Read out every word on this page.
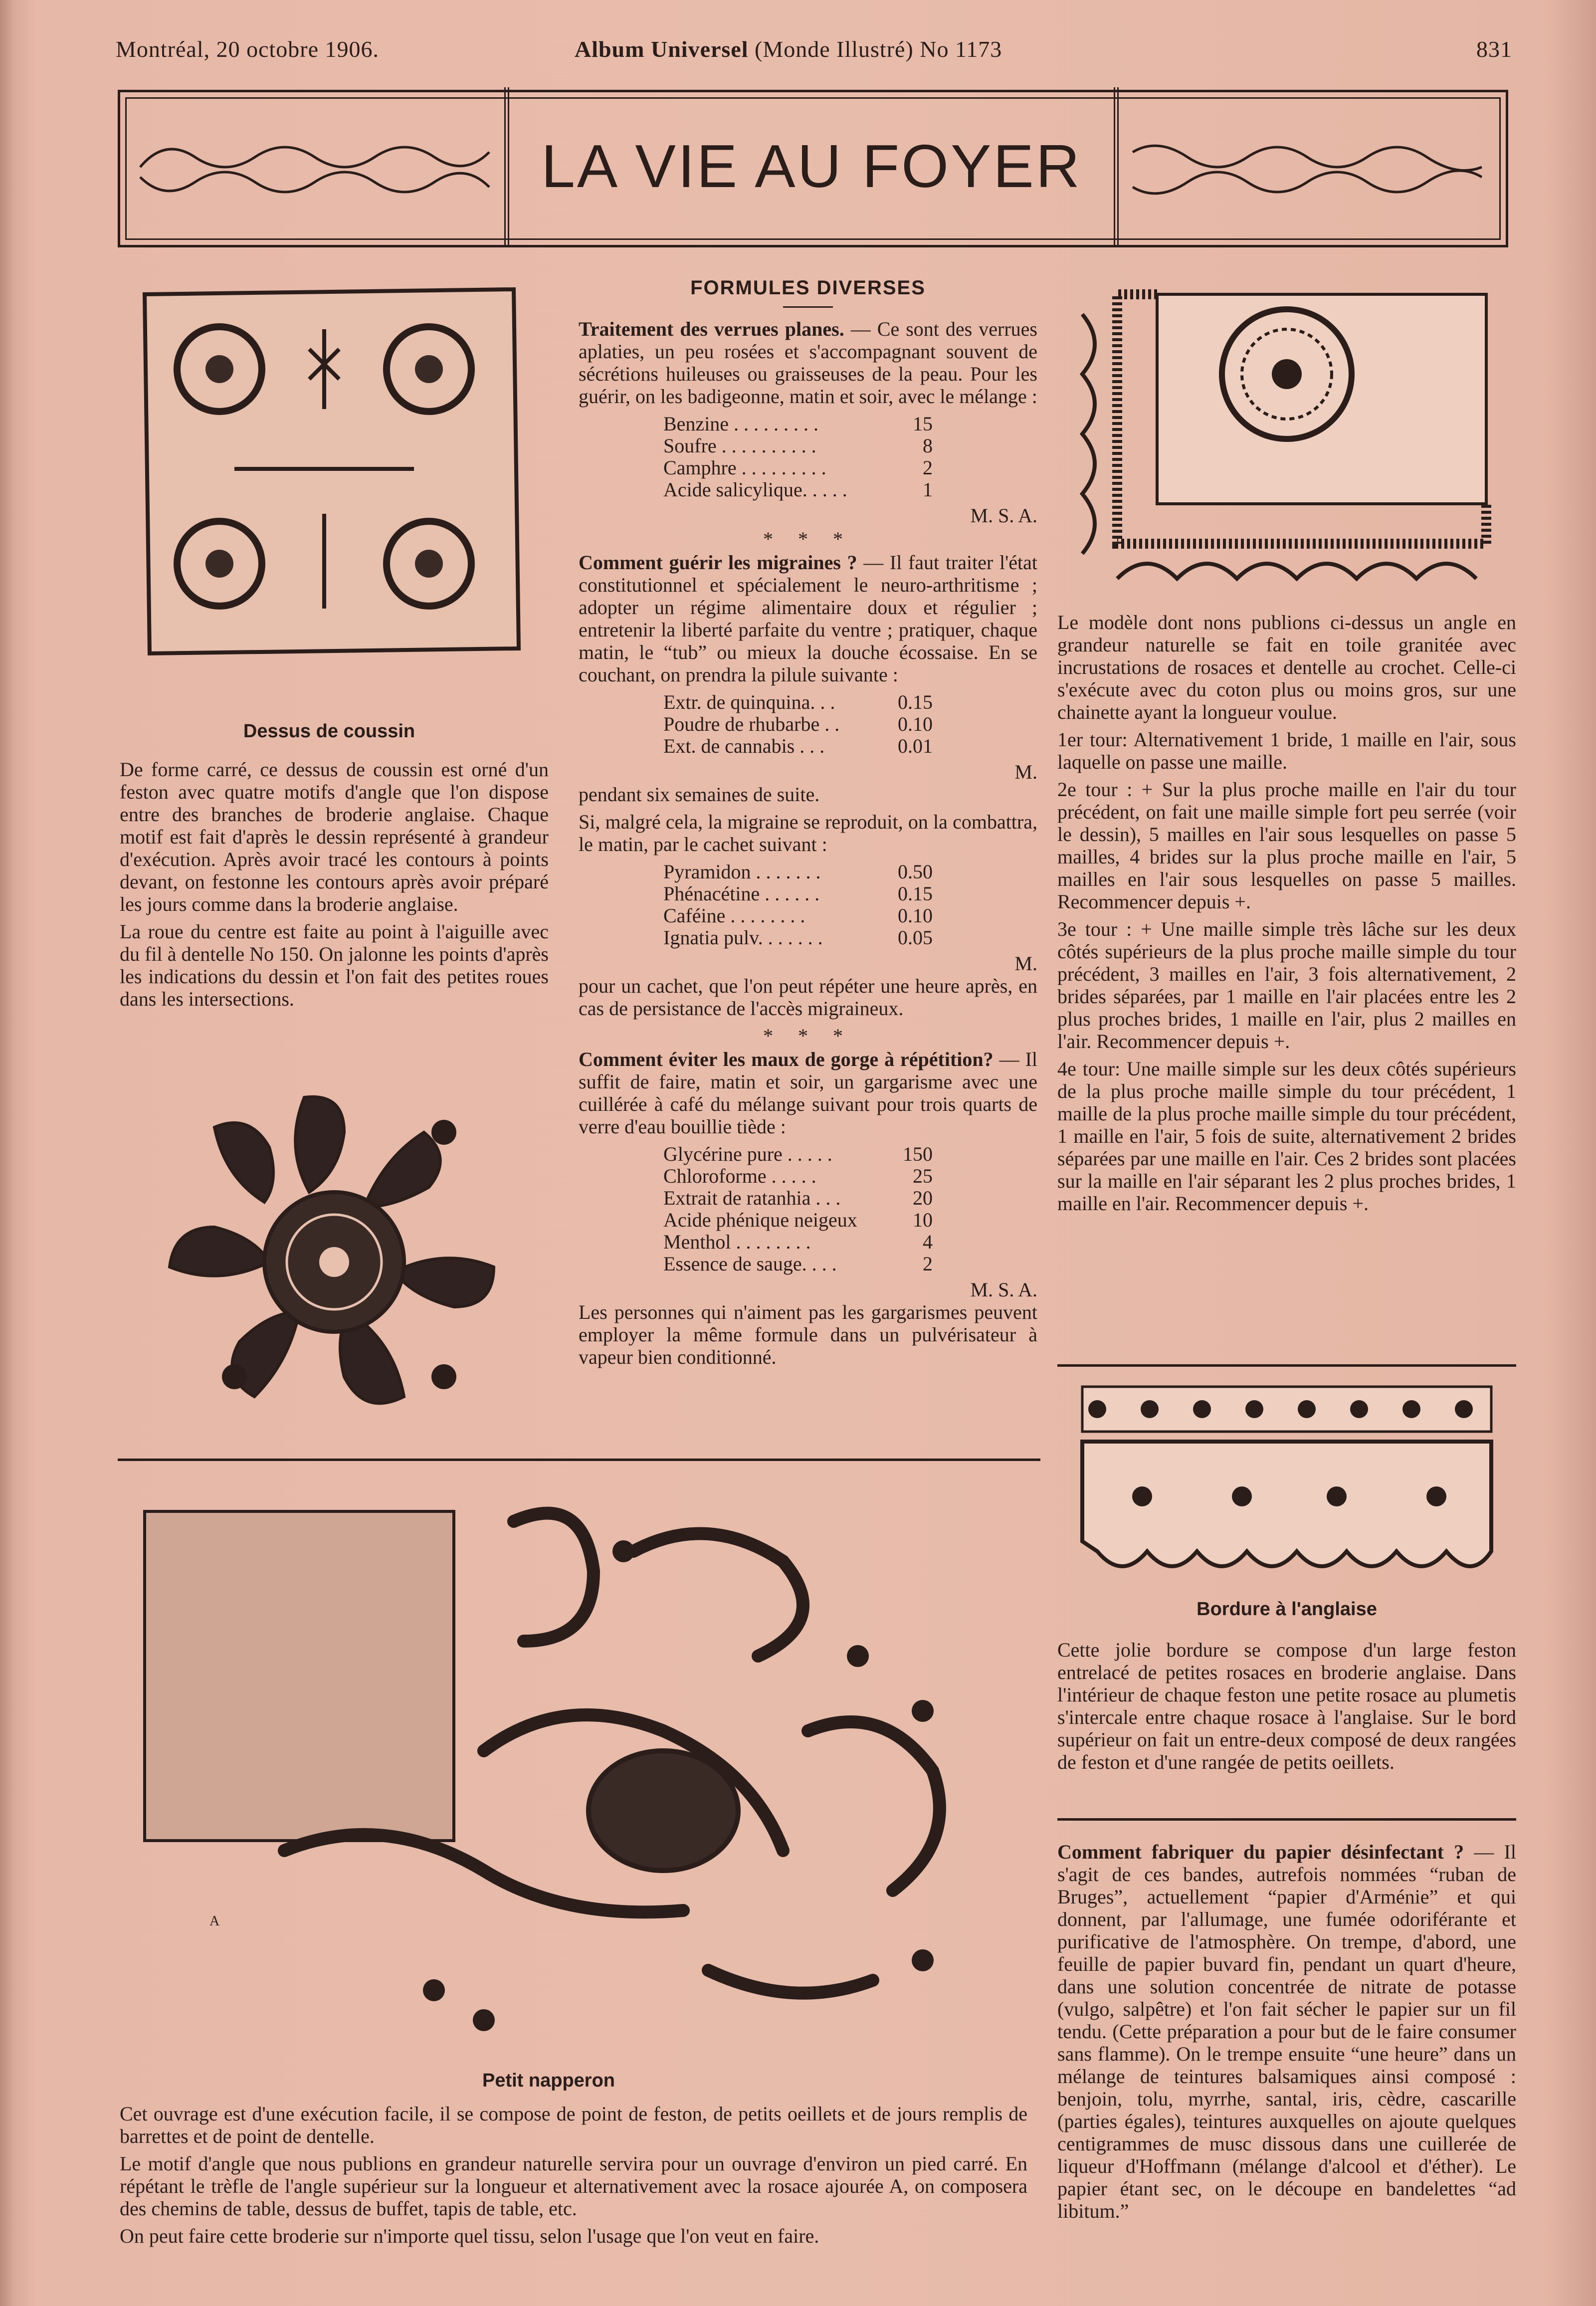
Montréal, 20 octobre 1906.	Album Universel (Monde Illustré) No 1173	831
LA VIE AU FOYER
Dessus de coussin

De forme carré, ce dessus de coussin est orné d'un feston avec quatre motifs d'angle que l'on dispose entre des branches de broderie anglaise. Chaque motif est fait d'après le dessin représenté à grandeur d'exécution. Après avoir tracé les contours à points devant, on festonne les contours après avoir préparé les jours comme dans la broderie anglaise.

La roue du centre est faite au point à l'aiguille avec du fil à dentelle No 150. On jalonne les points d'après les indications du dessin et l'on fait des petites roues dans les intersections.

A
Petit napperon

Cet ouvrage est d'une exécution facile, il se compose de point de feston, de petits oeillets et de jours remplis de barrettes et de point de dentelle.

Le motif d'angle que nous publions en grandeur naturelle servira pour un ouvrage d'environ un pied carré. En répétant le trèfle de l'angle supérieur sur la longueur et alternativement avec la rosace ajourée A, on composera des chemins de table, dessus de buffet, tapis de table, etc.

On peut faire cette broderie sur n'importe quel tissu, selon l'usage que l'on veut en faire.

FORMULES DIVERSES

Traitement des verrues planes. — Ce sont des verrues aplaties, un peu rosées et s'accompagnant souvent de sécrétions huileuses ou graisseuses de la peau. Pour les guérir, on les badigeonne, matin et soir, avec le mélange :

Benzine . . . . . . . . .	15
Soufre . . . . . . . . . .	8
Camphre . . . . . . . . .	2
Acide salicylique. . . . .	1
M. S. A.
* * *

Comment guérir les migraines ? — Il faut traiter l'état constitutionnel et spécialement le neuro-arthritisme ; adopter un régime alimentaire doux et régulier ; entretenir la liberté parfaite du ventre ; pratiquer, chaque matin, le “tub” ou mieux la douche écossaise. En se couchant, on prendra la pilule suivante :

Extr. de quinquina. . .	0.15
Poudre de rhubarbe . .	0.10
Ext. de cannabis . . .	0.01
M.

pendant six semaines de suite.

Si, malgré cela, la migraine se reproduit, on la combattra, le matin, par le cachet suivant :

Pyramidon . . . . . . .	0.50
Phénacétine . . . . . .	0.15
Caféine . . . . . . . .	0.10
Ignatia pulv. . . . . . .	0.05
M.

pour un cachet, que l'on peut répéter une heure après, en cas de persistance de l'accès migraineux.

* * *

Comment éviter les maux de gorge à répétition? — Il suffit de faire, matin et soir, un gargarisme avec une cuillérée à café du mélange suivant pour trois quarts de verre d'eau bouillie tiède :

Glycérine pure . . . . .	150
Chloroforme . . . . .	25
Extrait de ratanhia . . .	20
Acide phénique neigeux	10
Menthol . . . . . . . .	4
Essence de sauge. . . .	2
M. S. A.

Les personnes qui n'aiment pas les gargarismes peuvent employer la même formule dans un pulvérisateur à vapeur bien conditionné.

Le modèle dont nons publions ci-dessus un angle en grandeur naturelle se fait en toile granitée avec incrustations de rosaces et dentelle au crochet. Celle-ci s'exécute avec du coton plus ou moins gros, sur une chainette ayant la longueur voulue.

1er tour: Alternativement 1 bride, 1 maille en l'air, sous laquelle on passe une maille.

2e tour : + Sur la plus proche maille en l'air du tour précédent, on fait une maille simple fort peu serrée (voir le dessin), 5 mailles en l'air sous lesquelles on passe 5 mailles, 4 brides sur la plus proche maille en l'air, 5 mailles en l'air sous lesquelles on passe 5 mailles. Recommencer depuis +.

3e tour : + Une maille simple très lâche sur les deux côtés supérieurs de la plus proche maille simple du tour précédent, 3 mailles en l'air, 3 fois alternativement, 2 brides séparées, par 1 maille en l'air placées entre les 2 plus proches brides, 1 maille en l'air, plus 2 mailles en l'air. Recommencer depuis +.

4e tour: Une maille simple sur les deux côtés supérieurs de la plus proche maille simple du tour précédent, 1 maille de la plus proche maille simple du tour précédent, 1 maille en l'air, 5 fois de suite, alternativement 2 brides séparées par une maille en l'air. Ces 2 brides sont placées sur la maille en l'air séparant les 2 plus proches brides, 1 maille en l'air. Recommencer depuis +.

Bordure à l'anglaise

Cette jolie bordure se compose d'un large feston entrelacé de petites rosaces en broderie anglaise. Dans l'intérieur de chaque feston une petite rosace au plumetis s'intercale entre chaque rosace à l'anglaise. Sur le bord supérieur on fait un entre-deux composé de deux rangées de feston et d'une rangée de petits oeillets.

Comment fabriquer du papier désinfectant ? — Il s'agit de ces bandes, autrefois nommées “ruban de Bruges”, actuellement “papier d'Arménie” et qui donnent, par l'allumage, une fumée odoriférante et purificative de l'atmosphère. On trempe, d'abord, une feuille de papier buvard fin, pendant un quart d'heure, dans une solution concentrée de nitrate de potasse (vulgo, salpêtre) et l'on fait sécher le papier sur un fil tendu. (Cette préparation a pour but de le faire consumer sans flamme). On le trempe ensuite “une heure” dans un mélange de teintures balsamiques ainsi composé : benjoin, tolu, myrrhe, santal, iris, cèdre, cascarille (parties égales), teintures auxquelles on ajoute quelques centigrammes de musc dissous dans une cuillerée de liqueur d'Hoffmann (mélange d'alcool et d'éther). Le papier étant sec, on le découpe en bandelettes “ad libitum.”
